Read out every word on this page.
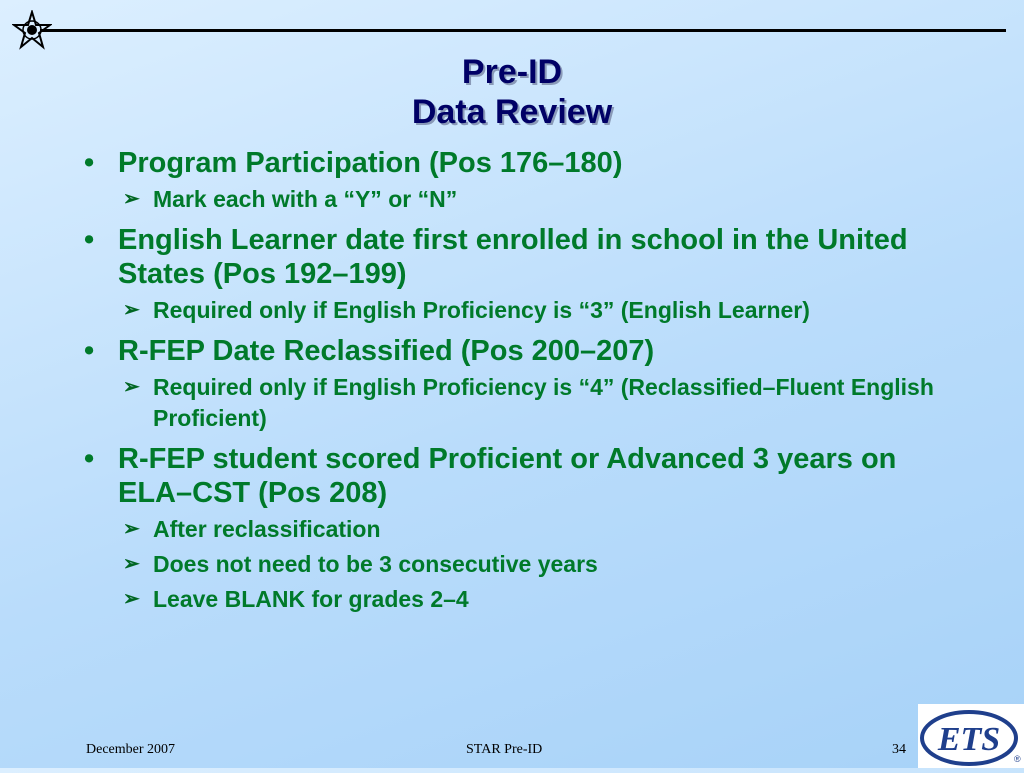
Pre-ID
Data Review
• Program Participation (Pos 176–180)
➢ Mark each with a “Y” or “N”
• English Learner date first enrolled in school in the United States (Pos 192–199)
➢ Required only if English Proficiency is “3” (English Learner)
• R-FEP Date Reclassified (Pos 200–207)
➢ Required only if English Proficiency is “4” (Reclassified–Fluent English Proficient)
• R-FEP student scored Proficient or Advanced 3 years on ELA–CST (Pos 208)
➢ After reclassification
➢ Does not need to be 3 consecutive years
➢ Leave BLANK for grades 2–4
December 2007	STAR Pre-ID	34 ETS
®
